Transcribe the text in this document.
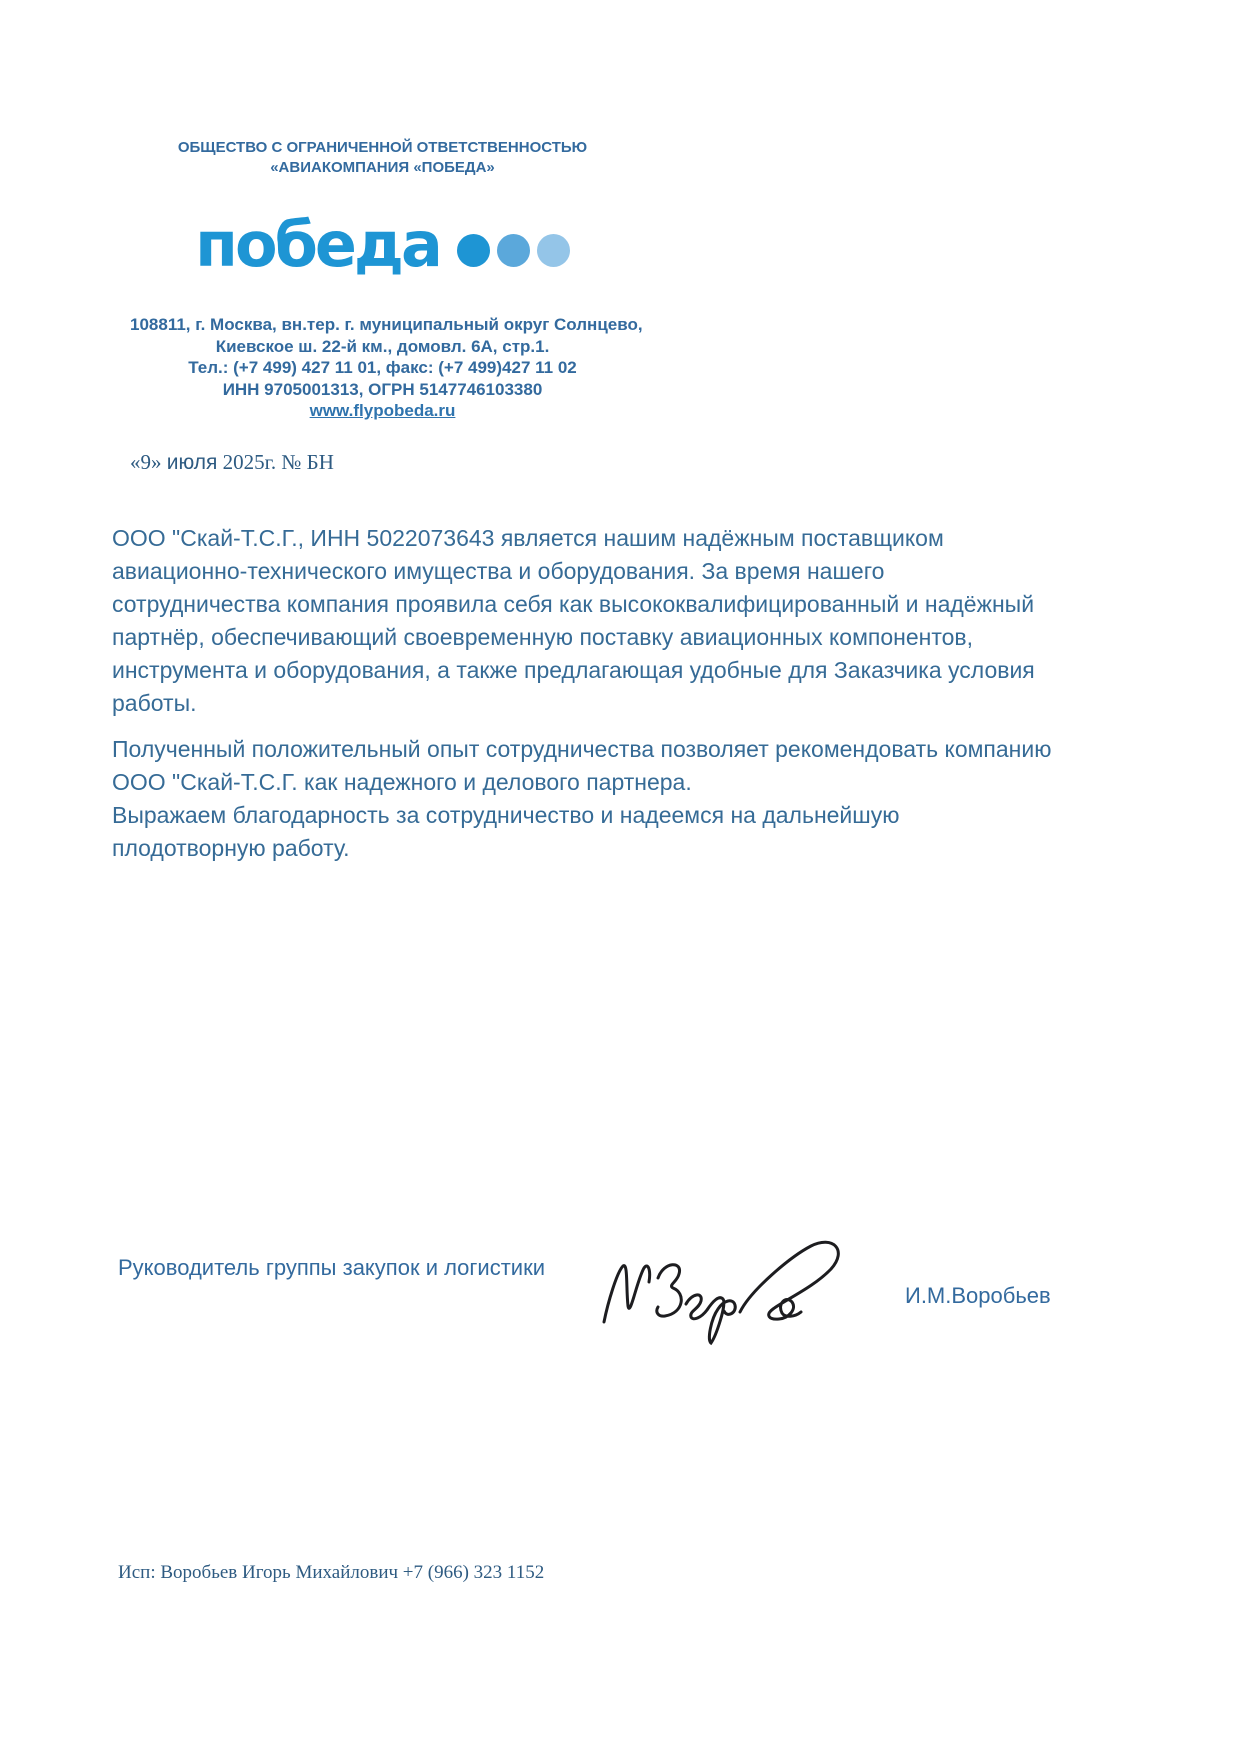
ОБЩЕСТВО С ОГРАНИЧЕННОЙ ОТВЕТСТВЕННОСТЬЮ
«АВИАКОМПАНИЯ «ПОБЕДА»
победа
108811, г. Москва, вн.тер. г. муниципальный округ Солнцево,
Киевское ш. 22-й км., домовл. 6А, стр.1.
Тел.: (+7 499) 427 11 01, факс: (+7 499)427 11 02
ИНН 9705001313, ОГРН 5147746103380
www.flypobeda.ru
«9» июля 2025г. № БН
ООО "Скай-Т.С.Г., ИНН 5022073643 является нашим надёжным поставщиком
авиационно-технического имущества и оборудования. За время нашего
сотрудничества компания проявила себя как высококвалифицированный и надёжный
партнёр, обеспечивающий своевременную поставку авиационных компонентов,
инструмента и оборудования, а также предлагающая удобные для Заказчика условия
работы.
Полученный положительный опыт сотрудничества позволяет рекомендовать компанию
ООО "Скай-Т.С.Г. как надежного и делового партнера.
Выражаем благодарность за сотрудничество и надеемся на дальнейшую
плодотворную работу.
Руководитель группы закупок и логистики
И.М.Воробьев
Исп: Воробьев Игорь Михайлович +7 (966) 323 1152
